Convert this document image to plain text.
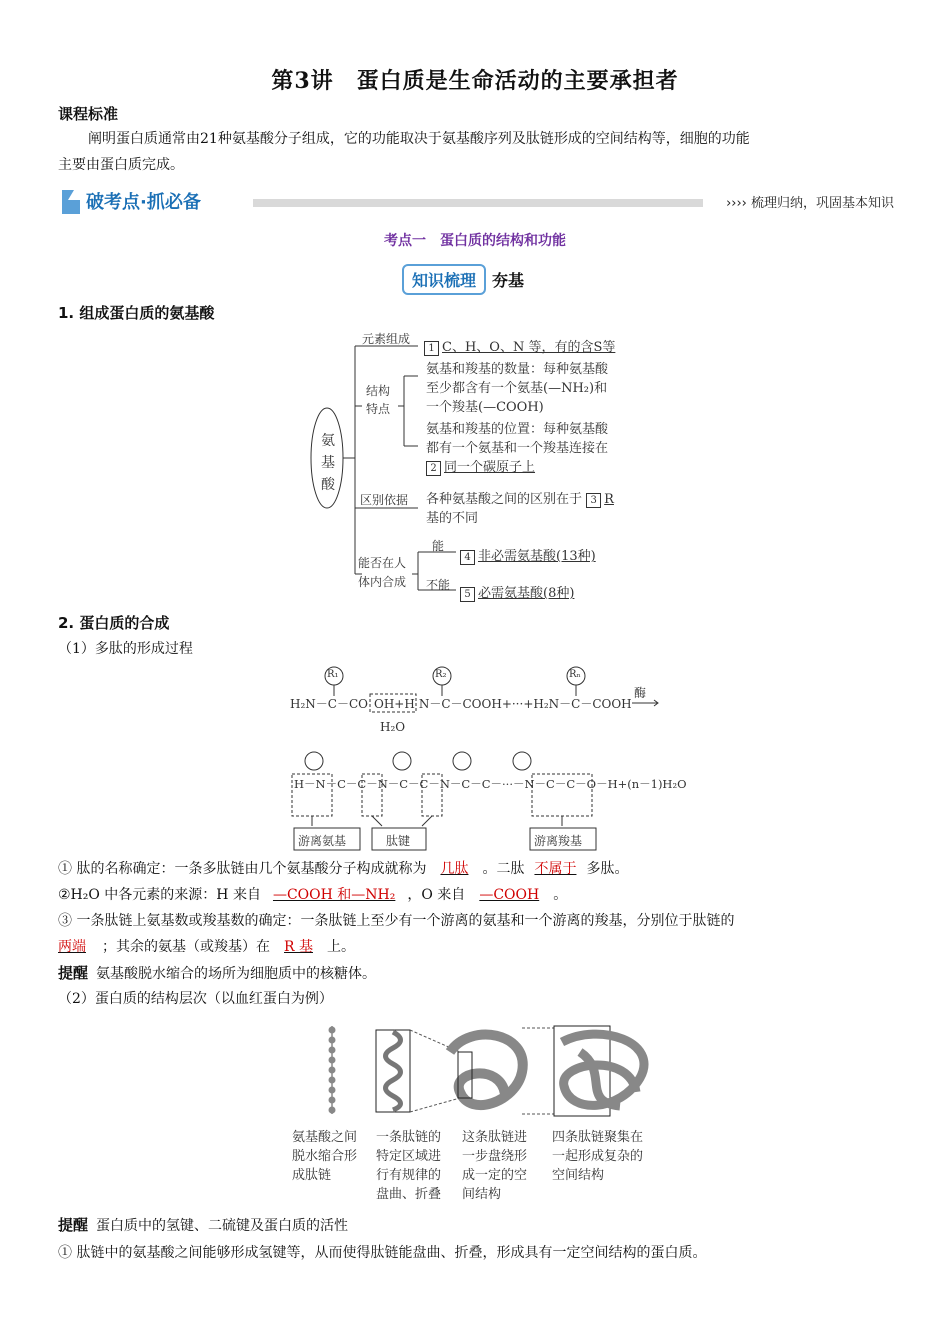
第3讲　蛋白质是生命活动的主要承担者
课程标准
阐明蛋白质通常由21种氨基酸分子组成，它的功能取决于氨基酸序列及肽链形成的空间结构等，细胞的功能
主要由蛋白质完成。
破考点·抓必备	›››› 梳理归纳，巩固基本知识
考点一　蛋白质的结构和功能
知识梳理 夯基
1. 组成蛋白质的氨基酸
氨
基
酸
元素组成
1 C、H、O、N 等，有的含S等
结构
特点
氨基和羧基的数量：每种氨基酸
至少都含有一个氨基(—NH₂)和
一个羧基(—COOH)
氨基和羧基的位置：每种氨基酸
都有一个氨基和一个羧基连接在
2 同一个碳原子上
区别依据 各种氨基酸之间的区别在于 3 R
基的不同
能否在人
体内合成
能
不能
4 非必需氨基酸(13种)
5 必需氨基酸(8种)
2. 蛋白质的合成
（1）多肽的形成过程
R₁	R₂	Rₙ
H₂N－C－CO OH+H N－C－COOH+···+H₂N－C－COOH
酶
H₂O
H－N－C－C－N－C－C－N－C－C－···－N－C－C－O－H+(n－1)H₂O
游离氨基	肽键	游离羧基
① 肽的名称确定：一条多肽链由几个氨基酸分子构成就称为 几肽 。二肽 不属于 多肽。
②H₂O 中各元素的来源：H 来自 —COOH 和—NH₂ ，O 来自 —COOH 。
③ 一条肽链上氨基数或羧基数的确定：一条肽链上至少有一个游离的氨基和一个游离的羧基，分别位于肽链的
两端 ；其余的氨基（或羧基）在 R 基 上。
提醒 氨基酸脱水缩合的场所为细胞质中的核糖体。
（2）蛋白质的结构层次（以血红蛋白为例）
氨基酸之间
脱水缩合形
成肽链
一条肽链的
特定区域进
行有规律的
盘曲、折叠
这条肽链进
一步盘绕形
成一定的空
间结构
四条肽链聚集在
一起形成复杂的
空间结构
提醒 蛋白质中的氢键、二硫键及蛋白质的活性
① 肽链中的氨基酸之间能够形成氢键等，从而使得肽链能盘曲、折叠，形成具有一定空间结构的蛋白质。
